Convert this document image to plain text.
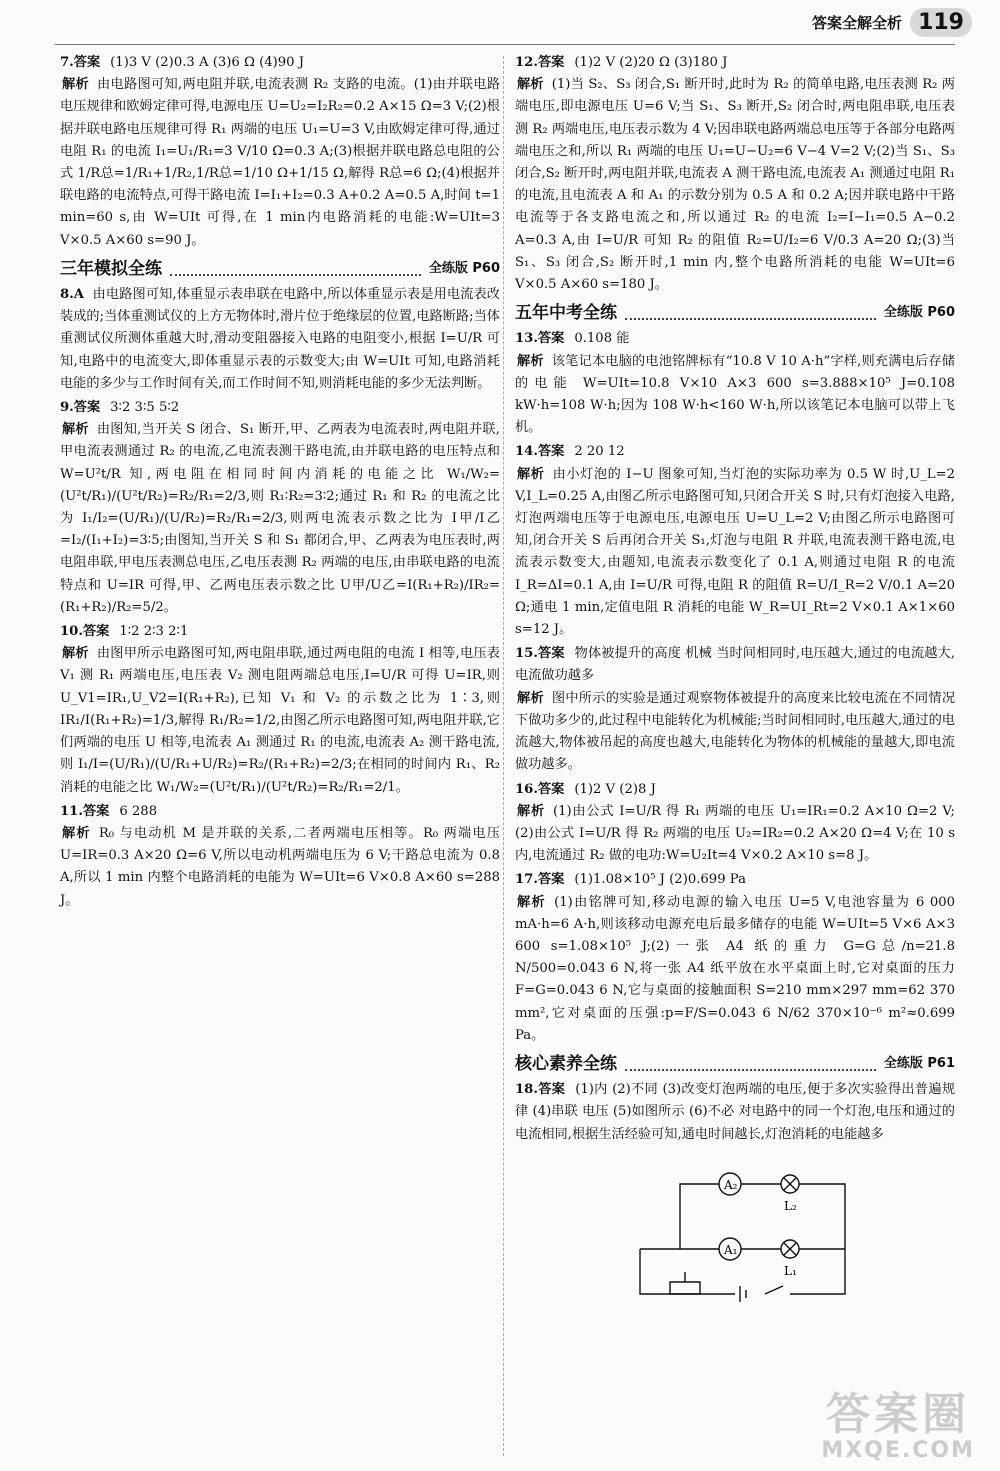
答案全解全析 119

7.答案 (1)3 V (2)0.3 A (3)6 Ω (4)90 J

解析 由电路图可知,两电阻并联,电流表测 R₂ 支路的电流。(1)由并联电路电压规律和欧姆定律可得,电源电压 U=U₂=I₂R₂=0.2 A×15 Ω=3 V;(2)根据并联电路电压规律可得 R₁ 两端的电压 U₁=U=3 V,由欧姆定律可得,通过电阻 R₁ 的电流 I₁=U₁/R₁=3 V/10 Ω=0.3 A;(3)根据并联电路总电阻的公式 1/R总=1/R₁+1/R₂,1/R总=1/10 Ω+1/15 Ω,解得 R总=6 Ω;(4)根据并联电路的电流特点,可得干路电流 I=I₁+I₂=0.3 A+0.2 A=0.5 A,时间 t=1 min=60 s,由 W=UIt 可得,在 1 min内电路消耗的电能:W=UIt=3 V×0.5 A×60 s=90 J。

三年模拟全练	全练版 P60

8.A 由电路图可知,体重显示表串联在电路中,所以体重显示表是用电流表改装成的;当体重测试仪的上方无物体时,滑片位于绝缘层的位置,电路断路;当体重测试仪所测体重越大时,滑动变阻器接入电路的电阻变小,根据 I=U/R 可知,电路中的电流变大,即体重显示表的示数变大;由 W=UIt 可知,电路消耗电能的多少与工作时间有关,而工作时间不知,则消耗电能的多少无法判断。

9.答案 3∶2 3∶5 5∶2

解析 由图知,当开关 S 闭合、S₁ 断开,甲、乙两表为电流表时,两电阻并联,甲电流表测通过 R₂ 的电流,乙电流表测干路电流,由并联电路的电压特点和 W=U²t/R 知,两电阻在相同时间内消耗的电能之比 W₁/W₂=(U²t/R₁)/(U²t/R₂)=R₂/R₁=2/3,则 R₁∶R₂=3∶2;通过 R₁ 和 R₂ 的电流之比为 I₁/I₂=(U/R₁)/(U/R₂)=R₂/R₁=2/3,则两电流表示数之比为 I甲/I乙=I₂/(I₁+I₂)=3∶5;由图知,当开关 S 和 S₁ 都闭合,甲、乙两表为电压表时,两电阻串联,甲电压表测总电压,乙电压表测 R₂ 两端的电压,由串联电路的电流特点和 U=IR 可得,甲、乙两电压表示数之比 U甲/U乙=I(R₁+R₂)/IR₂=(R₁+R₂)/R₂=5/2。

10.答案 1∶2 2∶3 2∶1

解析 由图甲所示电路图可知,两电阻串联,通过两电阻的电流 I 相等,电压表 V₁ 测 R₁ 两端电压,电压表 V₂ 测电阻两端总电压,I=U/R 可得 U=IR,则 U_V1=IR₁,U_V2=I(R₁+R₂),已知 V₁ 和 V₂ 的示数之比为 1∶3,则 IR₁/I(R₁+R₂)=1/3,解得 R₁/R₂=1/2,由图乙所示电路图可知,两电阻并联,它们两端的电压 U 相等,电流表 A₁ 测通过 R₁ 的电流,电流表 A₂ 测干路电流,则 I₁/I=(U/R₁)/(U/R₁+U/R₂)=R₂/(R₁+R₂)=2/3;在相同的时间内 R₁、R₂ 消耗的电能之比 W₁/W₂=(U²t/R₁)/(U²t/R₂)=R₂/R₁=2/1。

11.答案 6 288

解析 R₀ 与电动机 M 是并联的关系,二者两端电压相等。R₀ 两端电压 U=IR=0.3 A×20 Ω=6 V,所以电动机两端电压为 6 V;干路总电流为 0.8 A,所以 1 min 内整个电路消耗的电能为 W=UIt=6 V×0.8 A×60 s=288 J。

12.答案 (1)2 V (2)20 Ω (3)180 J

解析 (1)当 S₂、S₃ 闭合,S₁ 断开时,此时为 R₂ 的简单电路,电压表测 R₂ 两端电压,即电源电压 U=6 V;当 S₁、S₃ 断开,S₂ 闭合时,两电阻串联,电压表测 R₂ 两端电压,电压表示数为 4 V;因串联电路两端总电压等于各部分电路两端电压之和,所以 R₁ 两端的电压 U₁=U−U₂=6 V−4 V=2 V;(2)当 S₁、S₃ 闭合,S₂ 断开时,两电阻并联,电流表 A 测干路电流,电流表 A₁ 测通过电阻 R₁ 的电流,且电流表 A 和 A₁ 的示数分别为 0.5 A 和 0.2 A;因并联电路中干路电流等于各支路电流之和,所以通过 R₂ 的电流 I₂=I−I₁=0.5 A−0.2 A=0.3 A,由 I=U/R 可知 R₂ 的阻值 R₂=U/I₂=6 V/0.3 A=20 Ω;(3)当 S₁、S₃ 闭合,S₂ 断开时,1 min 内,整个电路所消耗的电能 W=UIt=6 V×0.5 A×60 s=180 J。

五年中考全练	全练版 P60

13.答案 0.108 能

解析 该笔记本电脑的电池铭牌标有“10.8 V 10 A·h”字样,则充满电后存储的电能 W=UIt=10.8 V×10 A×3 600 s=3.888×10⁵ J=0.108 kW·h=108 W·h;因为 108 W·h<160 W·h,所以该笔记本电脑可以带上飞机。

14.答案 2 20 12

解析 由小灯泡的 I−U 图象可知,当灯泡的实际功率为 0.5 W 时,U_L=2 V,I_L=0.25 A,由图乙所示电路图可知,只闭合开关 S 时,只有灯泡接入电路,灯泡两端电压等于电源电压,电源电压 U=U_L=2 V;由图乙所示电路图可知,闭合开关 S 后再闭合开关 S₁,灯泡与电阻 R 并联,电流表测干路电流,电流表示数变大,由题知,电流表示数变化了 0.1 A,则通过电阻 R 的电流 I_R=ΔI=0.1 A,由 I=U/R 可得,电阻 R 的阻值 R=U/I_R=2 V/0.1 A=20 Ω;通电 1 min,定值电阻 R 消耗的电能 W_R=UI_Rt=2 V×0.1 A×1×60 s=12 J。

15.答案 物体被提升的高度 机械 当时间相同时,电压越大,通过的电流越大,电流做功越多

解析 图中所示的实验是通过观察物体被提升的高度来比较电流在不同情况下做功多少的,此过程中电能转化为机械能;当时间相同时,电压越大,通过的电流越大,物体被吊起的高度也越大,电能转化为物体的机械能的量越大,即电流做功越多。

16.答案 (1)2 V (2)8 J

解析 (1)由公式 I=U/R 得 R₁ 两端的电压 U₁=IR₁=0.2 A×10 Ω=2 V;(2)由公式 I=U/R 得 R₂ 两端的电压 U₂=IR₂=0.2 A×20 Ω=4 V;在 10 s 内,电流通过 R₂ 做的电功:W=U₂It=4 V×0.2 A×10 s=8 J。

17.答案 (1)1.08×10⁵ J (2)0.699 Pa

解析 (1)由铭牌可知,移动电源的输入电压 U=5 V,电池容量为 6 000 mA·h=6 A·h,则该移动电源充电后最多储存的电能 W=UIt=5 V×6 A×3 600 s=1.08×10⁵ J;(2)一张 A4 纸的重力 G=G总/n=21.8 N/500=0.043 6 N,将一张 A4 纸平放在水平桌面上时,它对桌面的压力 F=G=0.043 6 N,它与桌面的接触面积 S=210 mm×297 mm=62 370 mm²,它对桌面的压强:p=F/S=0.043 6 N/62 370×10⁻⁶ m²≈0.699 Pa。

核心素养全练	全练版 P61

18.答案 (1)内 (2)不同 (3)改变灯泡两端的电压,便于多次实验得出普遍规律 (4)串联 电压 (5)如图所示 (6)不必 对电路中的同一个灯泡,电压和通过的电流相同,根据生活经验可知,通电时间越长,灯泡消耗的电能越多

A₂
L₂
A₁
L₁
答案圈
MXQE.COM
